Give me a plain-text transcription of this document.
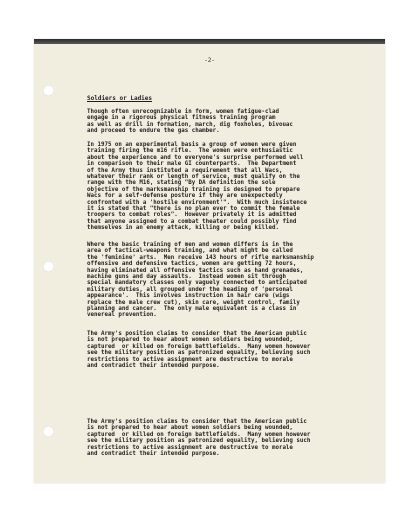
-2-
Soldiers or Ladies

Though often unrecognizable in form, women fatigue-clad
engage in a rigorous physical fitness training program
as well as drill in formation, march, dig foxholes, bivouac
and proceed to endure the gas chamber.

In 1975 on an experimental basis a group of women were given
training firing the m16 rifle.  The women were enthusiastic
about the experience and to everyone's surprise performed well
in comparison to their male GI counterparts.  The Department
of the Army thus instituted a requirement that all Wacs,
whatever their rank or length of service, must qualify on the
range with the M16, stating "By DA definition the sole
objective of the marksmanship training is designed to prepare
Wacs for a self-defense posture if they are unexpectedly
confronted with a 'hostile environment'".  With much insistence
it is stated that "there is no plan ever to commit the female
troopers to combat roles".  However privately it is admitted
that anyone assigned to a combat theater could possibly find
themselves in an enemy attack, killing or being killed.

Where the basic training of men and women differs is in the
area of tactical-weapons training, and what might be called
the 'feminine' arts.  Men receive 143 hours of rifle marksmanship
offensive and defensive tactics, women are getting 72 hours,
having eliminated all offensive tactics such as hand grenades,
machine guns and day assaults.  Instead women sit through
special mandatory classes only vaguely connected to anticipated
military duties, all grouped under the heading of 'personal
appearance'.  This involves instruction in hair care (wigs
replace the male crew cut), skin care, weight control, family
planning and cancer.  The only male equivalent is a class in
venereal prevention.

The Army's position claims to consider that the American public
is not prepared to hear about women soldiers being wounded,
captured  or killed on foreign battlefields.  Many women however
see the military position as patronized equality, believing such
restrictions to active assignment are destructive to morale
and contradict their intended purpose.

The Army's position claims to consider that the American public
is not prepared to hear about women soldiers being wounded,
captured  or killed on foreign battlefields.  Many women however
see the military position as patronized equality, believing such
restrictions to active assignment are destructive to morale
and contradict their intended purpose.
